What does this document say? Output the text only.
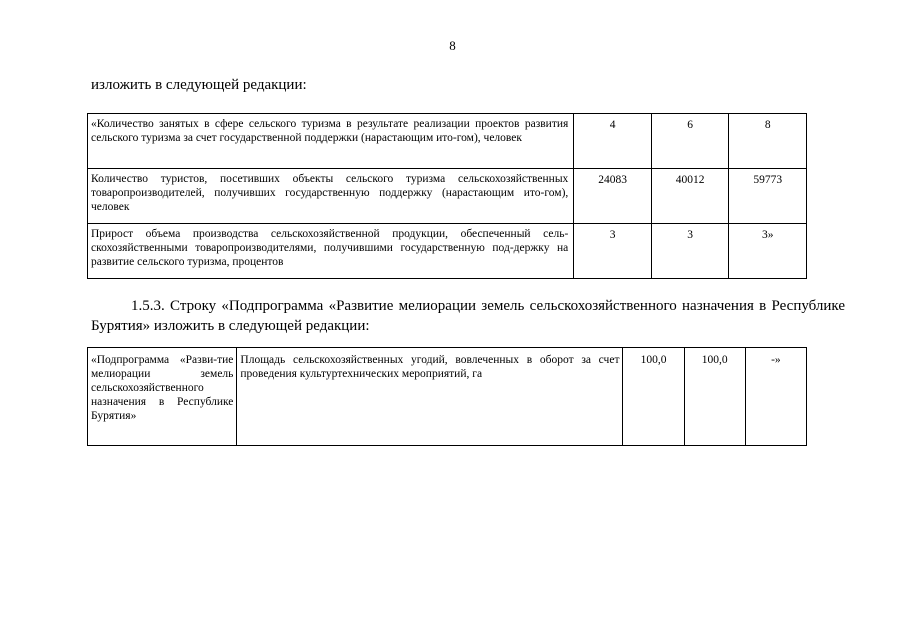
8
изложить в следующей редакции:
«Количество занятых в сфере сельского туризма в результате реализации проектов развития сельского туризма за счет государственной поддержки (нарастающим ито-гом), человек	4	6	8
Количество туристов, посетивших объекты сельского туризма сельскохозяйственных товаропроизводителей, получивших государственную поддержку (нарастающим ито-гом), человек	24083	40012	59773
Прирост объема производства сельскохозяйственной продукции, обеспеченный сель-скохозяйственными товаропроизводителями, получившими государственную под-держку на развитие сельского туризма, процентов	3	3	3»
1.5.3. Строку «Подпрограмма «Развитие мелиорации земель сельскохозяйственного назначения в Республике Бурятия» изложить в следующей редакции:
«Подпрограмма «Разви-тие мелиорации земель сельскохозяйственного назначения в Республике Бурятия»	Площадь сельскохозяйственных угодий, вовлеченных в оборот за счет проведения культуртехнических мероприятий, га	100,0	100,0	-»
